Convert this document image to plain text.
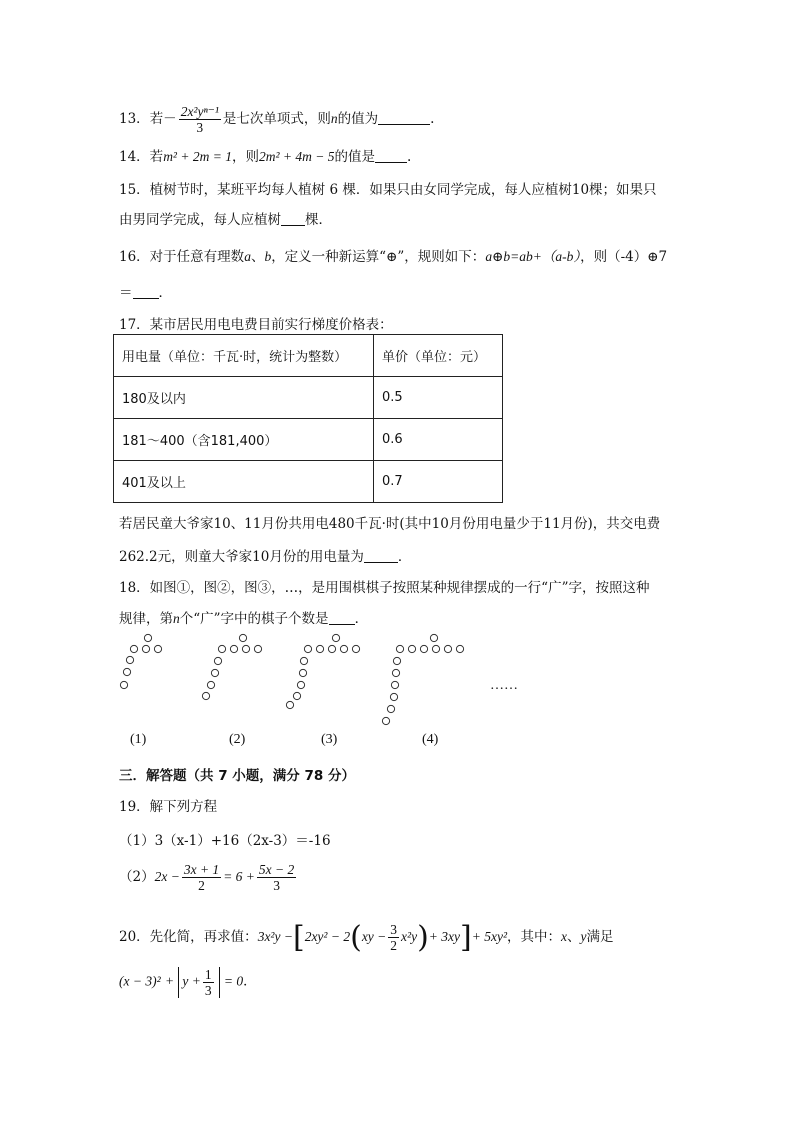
13．若－ $\frac{\text{2x²yⁿ⁻¹}}{3}$ 是七次单项式，则n的值为	.
14．若m² + 2m = 1，则2m² + 4m − 5的值是 .
15．植树节时，某班平均每人植树 6 棵．如果只由女同学完成，每人应植树10棵；如果只
由男同学完成，每人应植树 棵．
16．对于任意有理数a、b，定义一种新运算“⊕”，规则如下：a⊕b=ab+（a-b），则（-4）⊕7
＝ ．
17．某市居民用电电费目前实行梯度价格表：
用电量（单位：千瓦·时，统计为整数）	单价（单位：元）
180及以内	0.5
181～400（含181,400）	0.6
401及以上	0.7
若居民童大爷家10、11月份共用电480千瓦·时(其中10月份用电量少于11月份)，共交电费
262.2元，则童大爷家10月份的用电量为	．
18．如图①，图②，图③，…，是用围棋棋子按照某种规律摆成的一行“广”字，按照这种
规律，第n个“广”字中的棋子个数是 ．
……
(1)	(2)	(3)	(4)
三．解答题（共 7 小题，满分 78 分）
19．解下列方程
（1）3（x-1）+16（2x-3）＝-16
$(2)2x - \frac{3x + 1}{2} = 6 + \frac{5x - 2}{3}$
20．先化简，再求值：$3x^2y -[2xy^2 - 2(xy - \frac{3}{2} x^2y)+ 3xy]+ 5xy^2$，其中：x、y满足
$(x - 3)^2 + y + \frac{1}{3} = 0$．
